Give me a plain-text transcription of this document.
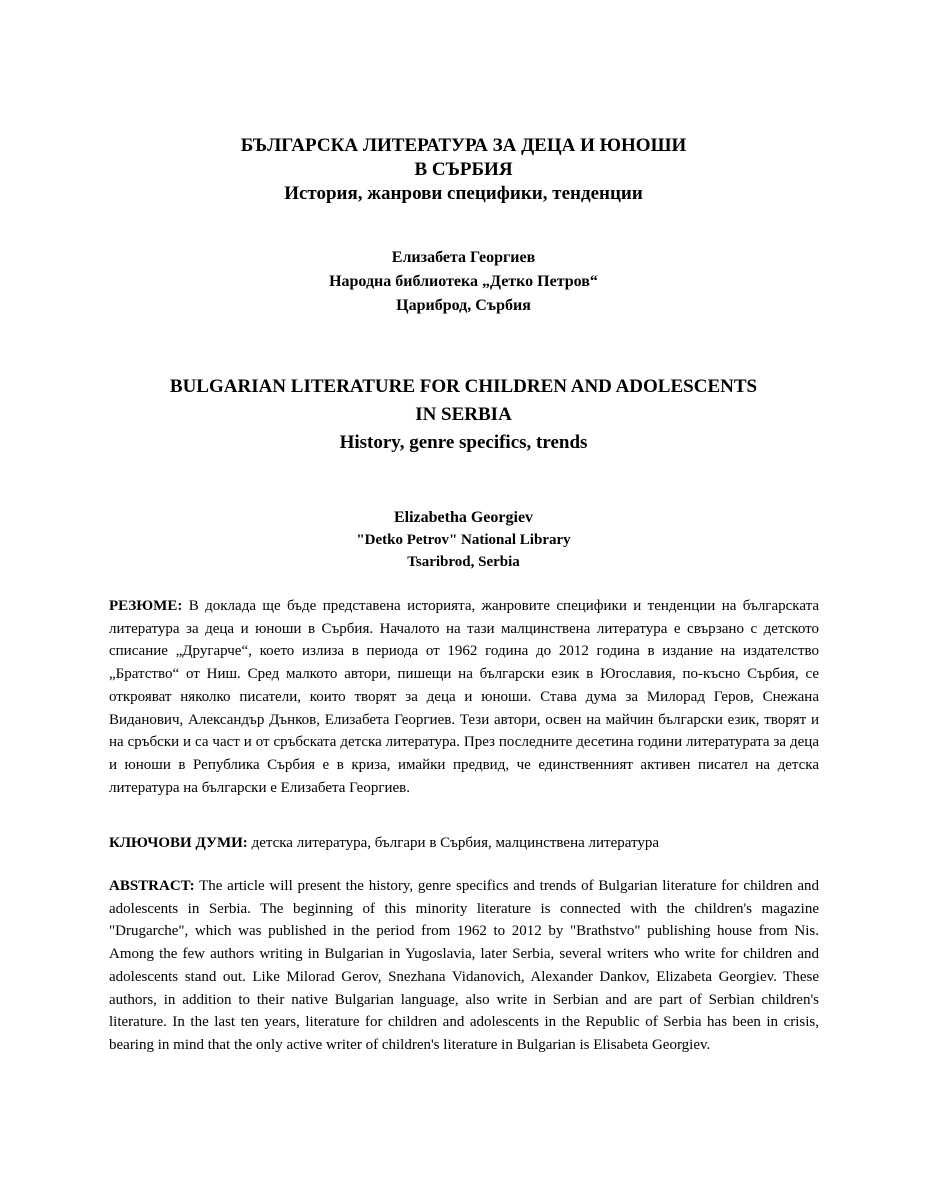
БЪЛГАРСКА ЛИТЕРАТУРА ЗА ДЕЦА И ЮНОШИ
В СЪРБИЯ
История, жанрови специфики, тенденции
Елизабета Георгиев
Народна библиотека „Детко Петров“
Цариброд, Сърбия
BULGARIAN LITERATURE FOR CHILDREN AND ADOLESCENTS
IN SERBIA
History, genre specifics, trends
Elizabetha Georgiev
"Detko Petrov" National Library
Tsaribrod, Serbia
РЕЗЮМЕ: В доклада ще бъде представена историята, жанровите специфики и тенденции на българската литература за деца и юноши в Сърбия. Началото на тази малцинствена литература е свързано с детското списание „Другарче“, което излиза в периода от 1962 година до 2012 година в издание на издателство „Братство“ от Ниш. Сред малкото автори, пишещи на български език в Югославия, по-късно Сърбия, се открояват няколко писатели, които творят за деца и юноши. Става дума за Милорад Геров, Снежана Виданович, Александър Дънков, Елизабета Георгиев. Тези автори, освен на майчин български език, творят и на сръбски и са част и от сръбската детска литература. През последните десетина години литературата за деца и юноши в Република Сърбия е в криза, имайки предвид, че единственният активен писател на детска литература на български е Елизабета Георгиев.
КЛЮЧОВИ ДУМИ: детска литература, българи в Сърбия, малцинствена литература
ABSTRACT: The article will present the history, genre specifics and trends of Bulgarian literature for children and adolescents in Serbia. The beginning of this minority literature is connected with the children's magazine "Drugarche", which was published in the period from 1962 to 2012 by "Brathstvo" publishing house from Nis. Among the few authors writing in Bulgarian in Yugoslavia, later Serbia, several writers who write for children and adolescents stand out. Like Milorad Gerov, Snezhana Vidanovich, Alexander Dankov, Elizabeta Georgiev. These authors, in addition to their native Bulgarian language, also write in Serbian and are part of Serbian children's literature. In the last ten years, literature for children and adolescents in the Republic of Serbia has been in crisis, bearing in mind that the only active writer of children's literature in Bulgarian is Elisabeta Georgiev.
